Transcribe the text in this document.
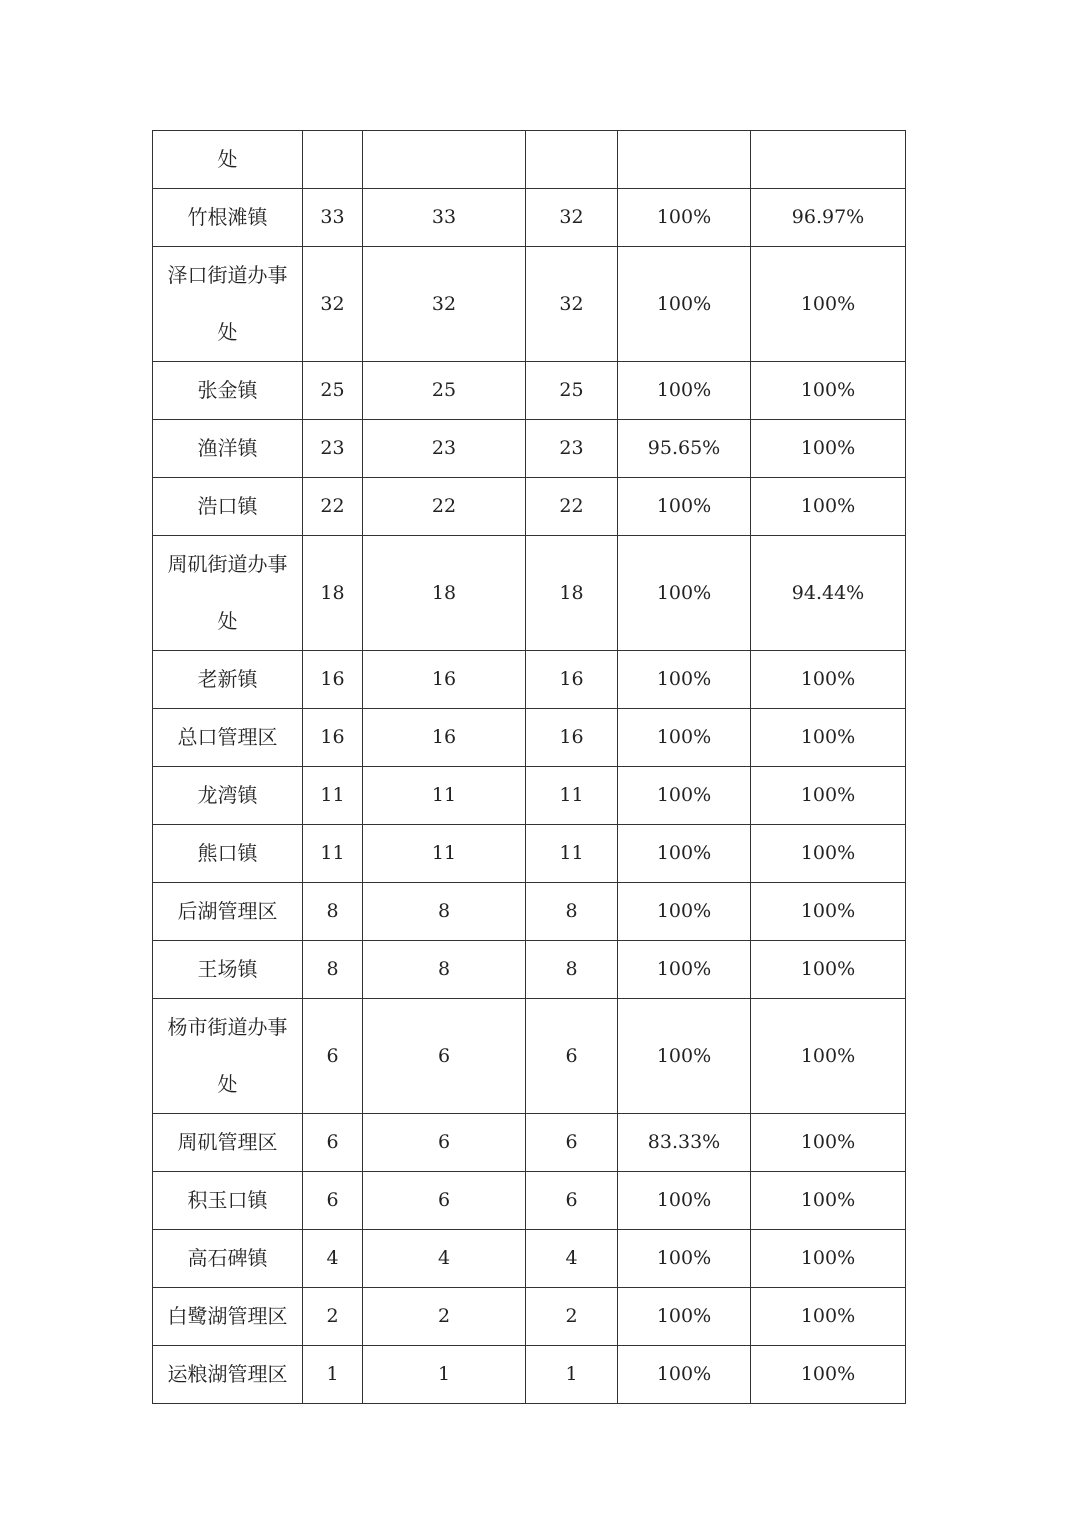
处					
竹根滩镇	33	33	32	100%	96.97%
泽口街道办事处	32	32	32	100%	100%
张金镇	25	25	25	100%	100%
渔洋镇	23	23	23	95.65%	100%
浩口镇	22	22	22	100%	100%
周矶街道办事处	18	18	18	100%	94.44%
老新镇	16	16	16	100%	100%
总口管理区	16	16	16	100%	100%
龙湾镇	11	11	11	100%	100%
熊口镇	11	11	11	100%	100%
后湖管理区	8	8	8	100%	100%
王场镇	8	8	8	100%	100%
杨市街道办事处	6	6	6	100%	100%
周矶管理区	6	6	6	83.33%	100%
积玉口镇	6	6	6	100%	100%
高石碑镇	4	4	4	100%	100%
白鹭湖管理区	2	2	2	100%	100%
运粮湖管理区	1	1	1	100%	100%
